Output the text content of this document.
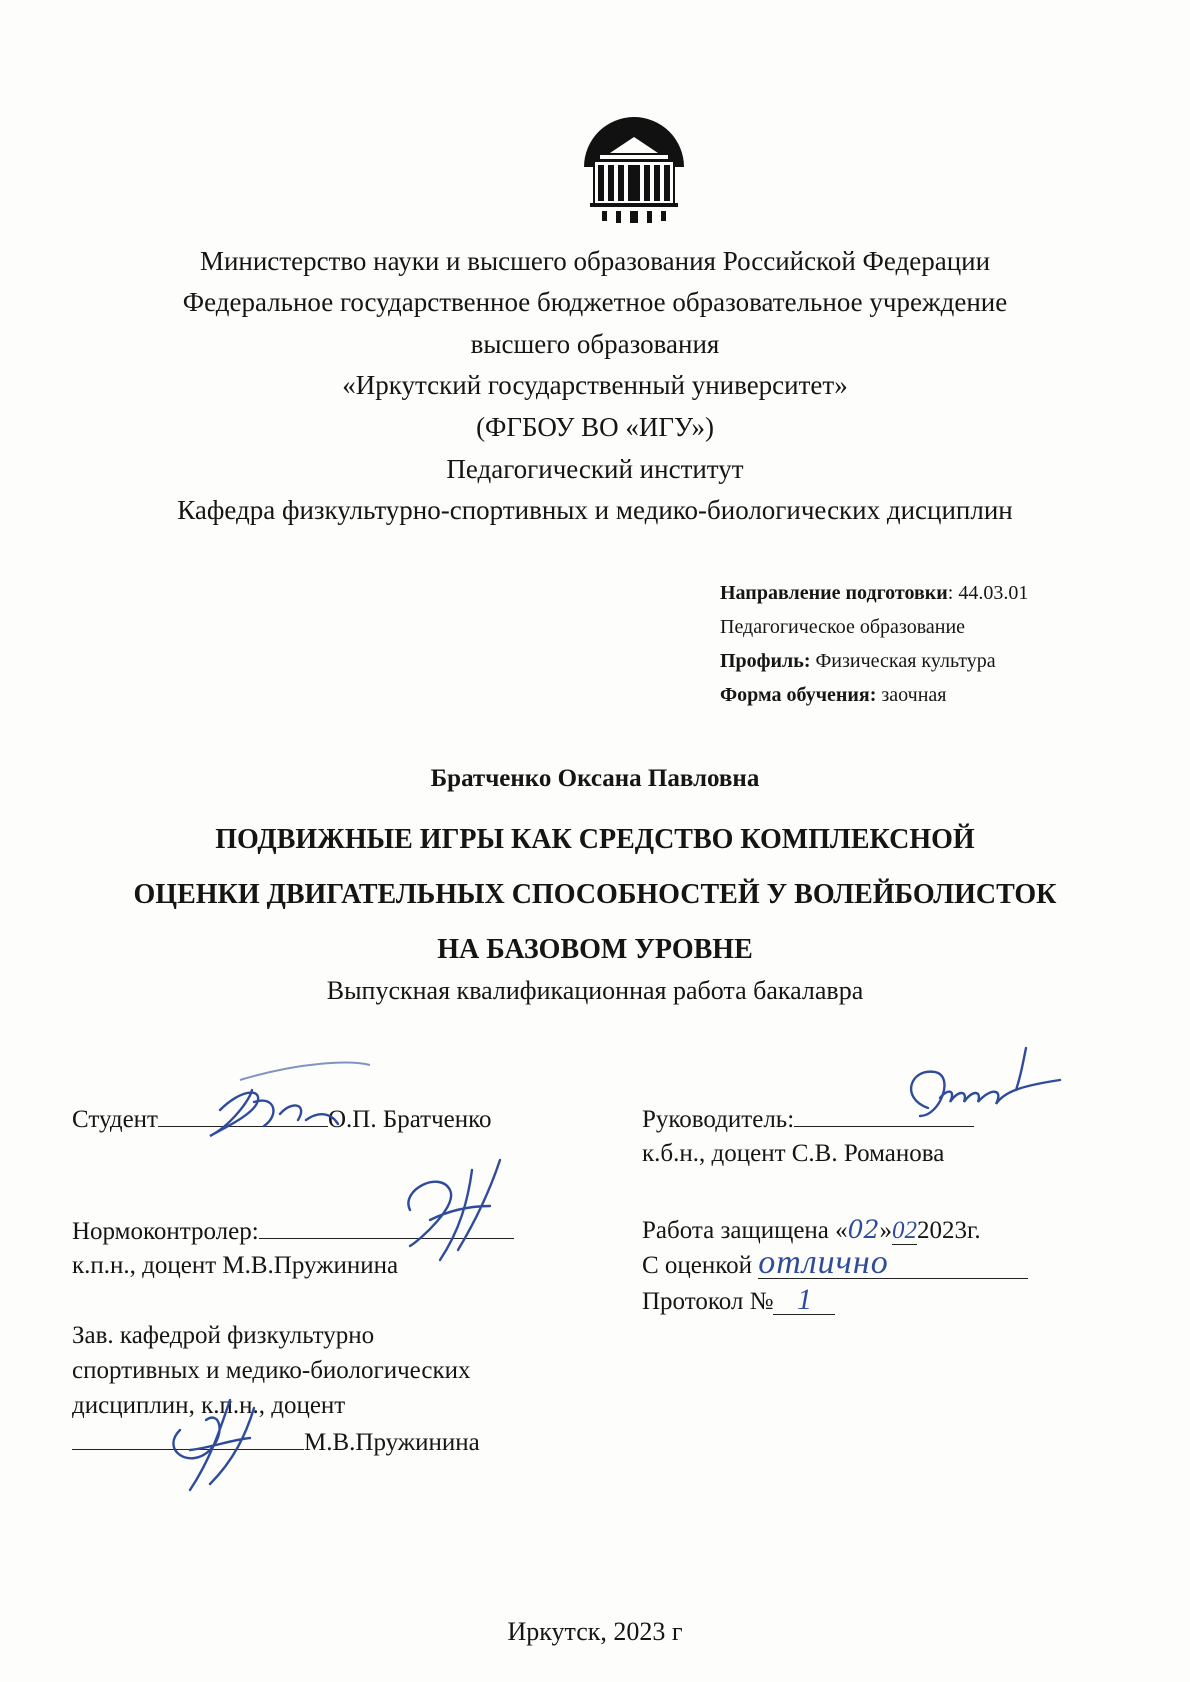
Министерство науки и высшего образования Российской Федерации
Федеральное государственное бюджетное образовательное учреждение
высшего образования
«Иркутский государственный университет»
(ФГБОУ ВО «ИГУ»)
Педагогический институт
Кафедра физкультурно-спортивных и медико-биологических дисциплин
Направление подготовки: 44.03.01
Педагогическое образование
Профиль: Физическая культура
Форма обучения: заочная
Братченко Оксана Павловна
ПОДВИЖНЫЕ ИГРЫ КАК СРЕДСТВО КОМПЛЕКСНОЙ
ОЦЕНКИ ДВИГАТЕЛЬНЫХ СПОСОБНОСТЕЙ У ВОЛЕЙБОЛИСТОК
НА БАЗОВОМ УРОВНЕ
Выпускная квалификационная работа бакалавра
Студент	О.П. Братченко
Нормоконтролер:
к.п.н., доцент М.В.Пружинина
Зав. кафедрой физкультурно
спортивных и медико-биологических
дисциплин, к.п.н., доцент
М.В.Пружинина
Руководитель:
к.б.н., доцент С.В. Романова
Работа защищена «02»022023г.
С оценкой отлично
Протокол № 1
Иркутск, 2023 г
